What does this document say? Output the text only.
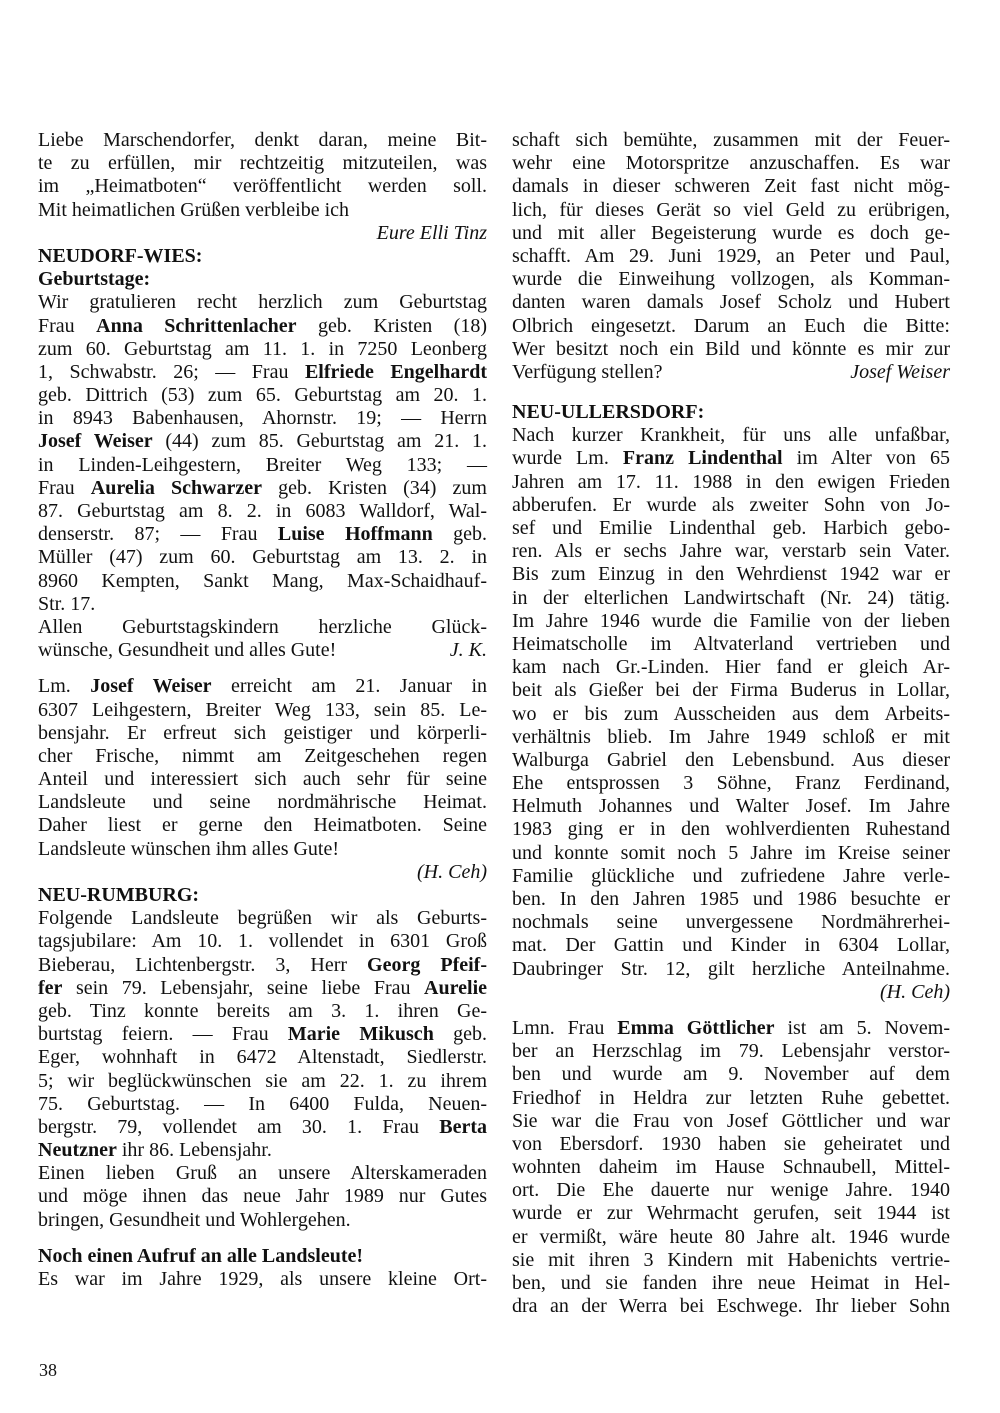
Liebe Marschendorfer, denkt daran, meine Bit-
te zu erfüllen, mir rechtzeitig mitzuteilen, was
im „Heimatboten“ veröffentlicht werden soll.
Mit heimatlichen Grüßen verbleibe ich
Eure Elli Tinz
NEUDORF-WIES:
Geburtstage:
Wir gratulieren recht herzlich zum Geburtstag
Frau Anna Schrittenlacher geb. Kristen (18)
zum 60. Geburtstag am 11. 1. in 7250 Leonberg
1, Schwabstr. 26; — Frau Elfriede Engelhardt
geb. Dittrich (53) zum 65. Geburtstag am 20. 1.
in 8943 Babenhausen, Ahornstr. 19; — Herrn
Josef Weiser (44) zum 85. Geburtstag am 21. 1.
in Linden-Leihgestern, Breiter Weg 133; —
Frau Aurelia Schwarzer geb. Kristen (34) zum
87. Geburtstag am 8. 2. in 6083 Walldorf, Wal-
denserstr. 87; — Frau Luise Hoffmann geb.
Müller (47) zum 60. Geburtstag am 13. 2. in
8960 Kempten, Sankt Mang, Max-Schaidhauf-
Str. 17.
Allen Geburtstagskindern herzliche Glück-
wünsche, Gesundheit und alles Gute!	J. K.
Lm. Josef Weiser erreicht am 21. Januar in
6307 Leihgestern, Breiter Weg 133, sein 85. Le-
bensjahr. Er erfreut sich geistiger und körperli-
cher Frische, nimmt am Zeitgeschehen regen
Anteil und interessiert sich auch sehr für seine
Landsleute und seine nordmährische Heimat.
Daher liest er gerne den Heimatboten. Seine
Landsleute wünschen ihm alles Gute!
(H. Ceh)
NEU-RUMBURG:
Folgende Landsleute begrüßen wir als Geburts-
tagsjubilare: Am 10. 1. vollendet in 6301 Groß
Bieberau, Lichtenbergstr. 3, Herr Georg Pfeif-
fer sein 79. Lebensjahr, seine liebe Frau Aurelie
geb. Tinz konnte bereits am 3. 1. ihren Ge-
burtstag feiern. — Frau Marie Mikusch geb.
Eger, wohnhaft in 6472 Altenstadt, Siedlerstr.
5; wir beglückwünschen sie am 22. 1. zu ihrem
75. Geburtstag. — In 6400 Fulda, Neuen-
bergstr. 79, vollendet am 30. 1. Frau Berta
Neutzner ihr 86. Lebensjahr.
Einen lieben Gruß an unsere Alterskameraden
und möge ihnen das neue Jahr 1989 nur Gutes
bringen, Gesundheit und Wohlergehen.
Noch einen Aufruf an alle Landsleute!
Es war im Jahre 1929, als unsere kleine Ort-
schaft sich bemühte, zusammen mit der Feuer-
wehr eine Motorspritze anzuschaffen. Es war
damals in dieser schweren Zeit fast nicht mög-
lich, für dieses Gerät so viel Geld zu erübrigen,
und mit aller Begeisterung wurde es doch ge-
schafft. Am 29. Juni 1929, an Peter und Paul,
wurde die Einweihung vollzogen, als Komman-
danten waren damals Josef Scholz und Hubert
Olbrich eingesetzt. Darum an Euch die Bitte:
Wer besitzt noch ein Bild und könnte es mir zur
Verfügung stellen?	Josef Weiser
NEU-ULLERSDORF:
Nach kurzer Krankheit, für uns alle unfaßbar,
wurde Lm. Franz Lindenthal im Alter von 65
Jahren am 17. 11. 1988 in den ewigen Frieden
abberufen. Er wurde als zweiter Sohn von Jo-
sef und Emilie Lindenthal geb. Harbich gebo-
ren. Als er sechs Jahre war, verstarb sein Vater.
Bis zum Einzug in den Wehrdienst 1942 war er
in der elterlichen Landwirtschaft (Nr. 24) tätig.
Im Jahre 1946 wurde die Familie von der lieben
Heimatscholle im Altvaterland vertrieben und
kam nach Gr.-Linden. Hier fand er gleich Ar-
beit als Gießer bei der Firma Buderus in Lollar,
wo er bis zum Ausscheiden aus dem Arbeits-
verhältnis blieb. Im Jahre 1949 schloß er mit
Walburga Gabriel den Lebensbund. Aus dieser
Ehe entsprossen 3 Söhne, Franz Ferdinand,
Helmuth Johannes und Walter Josef. Im Jahre
1983 ging er in den wohlverdienten Ruhestand
und konnte somit noch 5 Jahre im Kreise seiner
Familie glückliche und zufriedene Jahre verle-
ben. In den Jahren 1985 und 1986 besuchte er
nochmals seine unvergessene Nordmährerhei-
mat. Der Gattin und Kinder in 6304 Lollar,
Daubringer Str. 12, gilt herzliche Anteilnahme.
(H. Ceh)
Lmn. Frau Emma Göttlicher ist am 5. Novem-
ber an Herzschlag im 79. Lebensjahr verstor-
ben und wurde am 9. November auf dem
Friedhof in Heldra zur letzten Ruhe gebettet.
Sie war die Frau von Josef Göttlicher und war
von Ebersdorf. 1930 haben sie geheiratet und
wohnten daheim im Hause Schnaubell, Mittel-
ort. Die Ehe dauerte nur wenige Jahre. 1940
wurde er zur Wehrmacht gerufen, seit 1944 ist
er vermißt, wäre heute 80 Jahre alt. 1946 wurde
sie mit ihren 3 Kindern mit Habenichts vertrie-
ben, und sie fanden ihre neue Heimat in Hel-
dra an der Werra bei Eschwege. Ihr lieber Sohn
38
